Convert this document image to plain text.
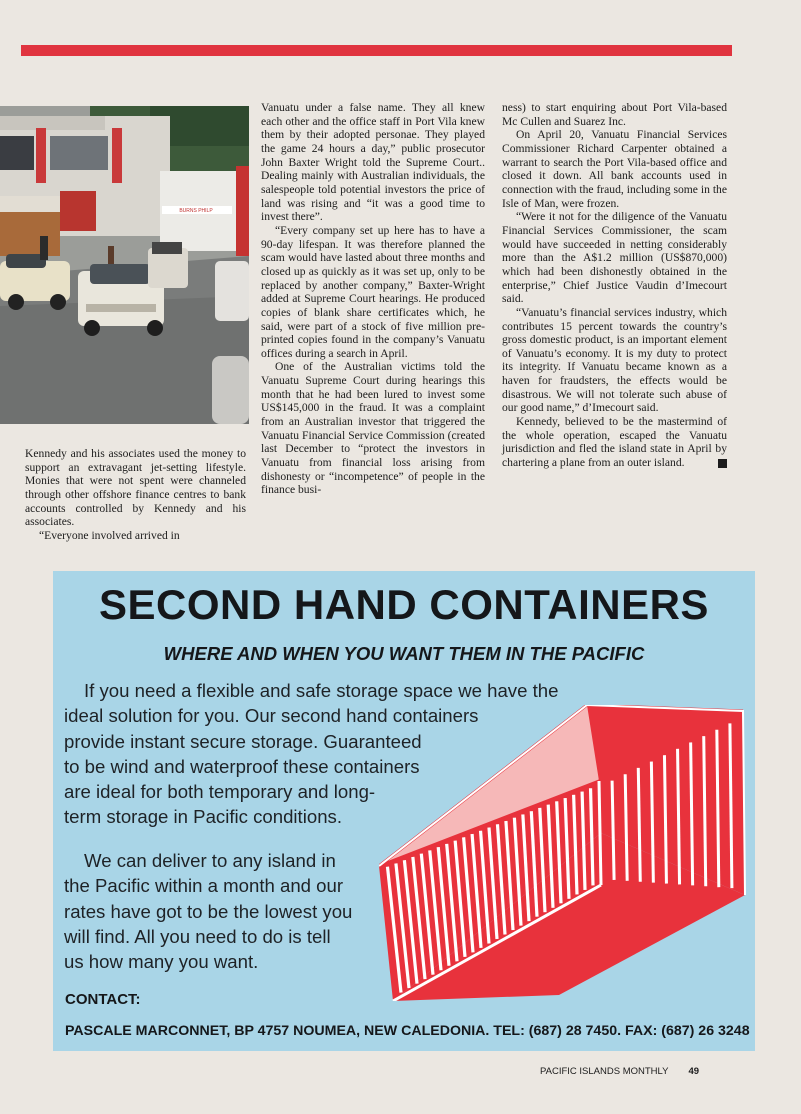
BURNS PHILP

Kennedy and his associates used the money to support an extravagant jet-setting lifestyle. Monies that were not spent were channeled through other offshore finance centres to bank accounts controlled by Kennedy and his associates.

“Everyone involved arrived in

Vanuatu under a false name. They all knew each other and the office staff in Port Vila knew them by their adopted personae. They played the game 24 hours a day,” public prosecutor John Baxter Wright told the Supreme Court.. Dealing mainly with Australian individuals, the salespeople told potential investors the price of land was rising and “it was a good time to invest there”.

“Every company set up here has to have a 90-day lifespan. It was therefore planned the scam would have lasted about three months and closed up as quickly as it was set up, only to be replaced by another company,” Baxter-Wright added at Supreme Court hearings. He produced copies of blank share certificates which, he said, were part of a stock of five million pre-printed copies found in the company’s Vanuatu offices during a search in April.

One of the Australian victims told the Vanuatu Supreme Court during hearings this month that he had been lured to invest some US$145,000 in the fraud. It was a complaint from an Australian investor that triggered the Vanuatu Financial Service Commission (created last December to “protect the investors in Vanuatu from financial loss arising from dishonesty or “incompetence” of people in the finance busi-

ness) to start enquiring about Port Vila-based Mc Cullen and Suarez Inc.

On April 20, Vanuatu Financial Services Commissioner Richard Carpenter obtained a warrant to search the Port Vila-based office and closed it down. All bank accounts used in connection with the fraud, including some in the Isle of Man, were frozen.

“Were it not for the diligence of the Vanuatu Financial Services Commissioner, the scam would have succeeded in netting considerably more than the A$1.2 million (US$870,000) which had been dishonestly obtained in the enterprise,” Chief Justice Vaudin d’Imecourt said.

“Vanuatu’s financial services industry, which contributes 15 percent towards the country’s gross domestic product, is an important element of Vanuatu’s economy. It is my duty to protect its integrity. If Vanuatu became known as a haven for fraudsters, the effects would be disastrous. We will not tolerate such abuse of our good name,” d’Imecourt said.

Kennedy, believed to be the mastermind of the whole operation, escaped the Vanuatu jurisdiction and fled the island state in April by chartering a plane from an outer island.

SECOND HAND CONTAINERS
WHERE AND WHEN YOU WANT THEM IN THE PACIFIC

If you need a flexible and safe storage space we have the
ideal solution for you. Our second hand containers
provide instant secure storage. Guaranteed
to be wind and waterproof these containers
are ideal for both temporary and long-
term storage in Pacific conditions.

We can deliver to any island in
the Pacific within a month and our
rates have got to be the lowest you
will find. All you need to do is tell
us how many you want.

CONTACT:

PASCALE MARCONNET, BP 4757 NOUMEA, NEW CALEDONIA. TEL: (687) 28 7450. FAX: (687) 26 3248

PACIFIC ISLANDS MONTHLY 49
